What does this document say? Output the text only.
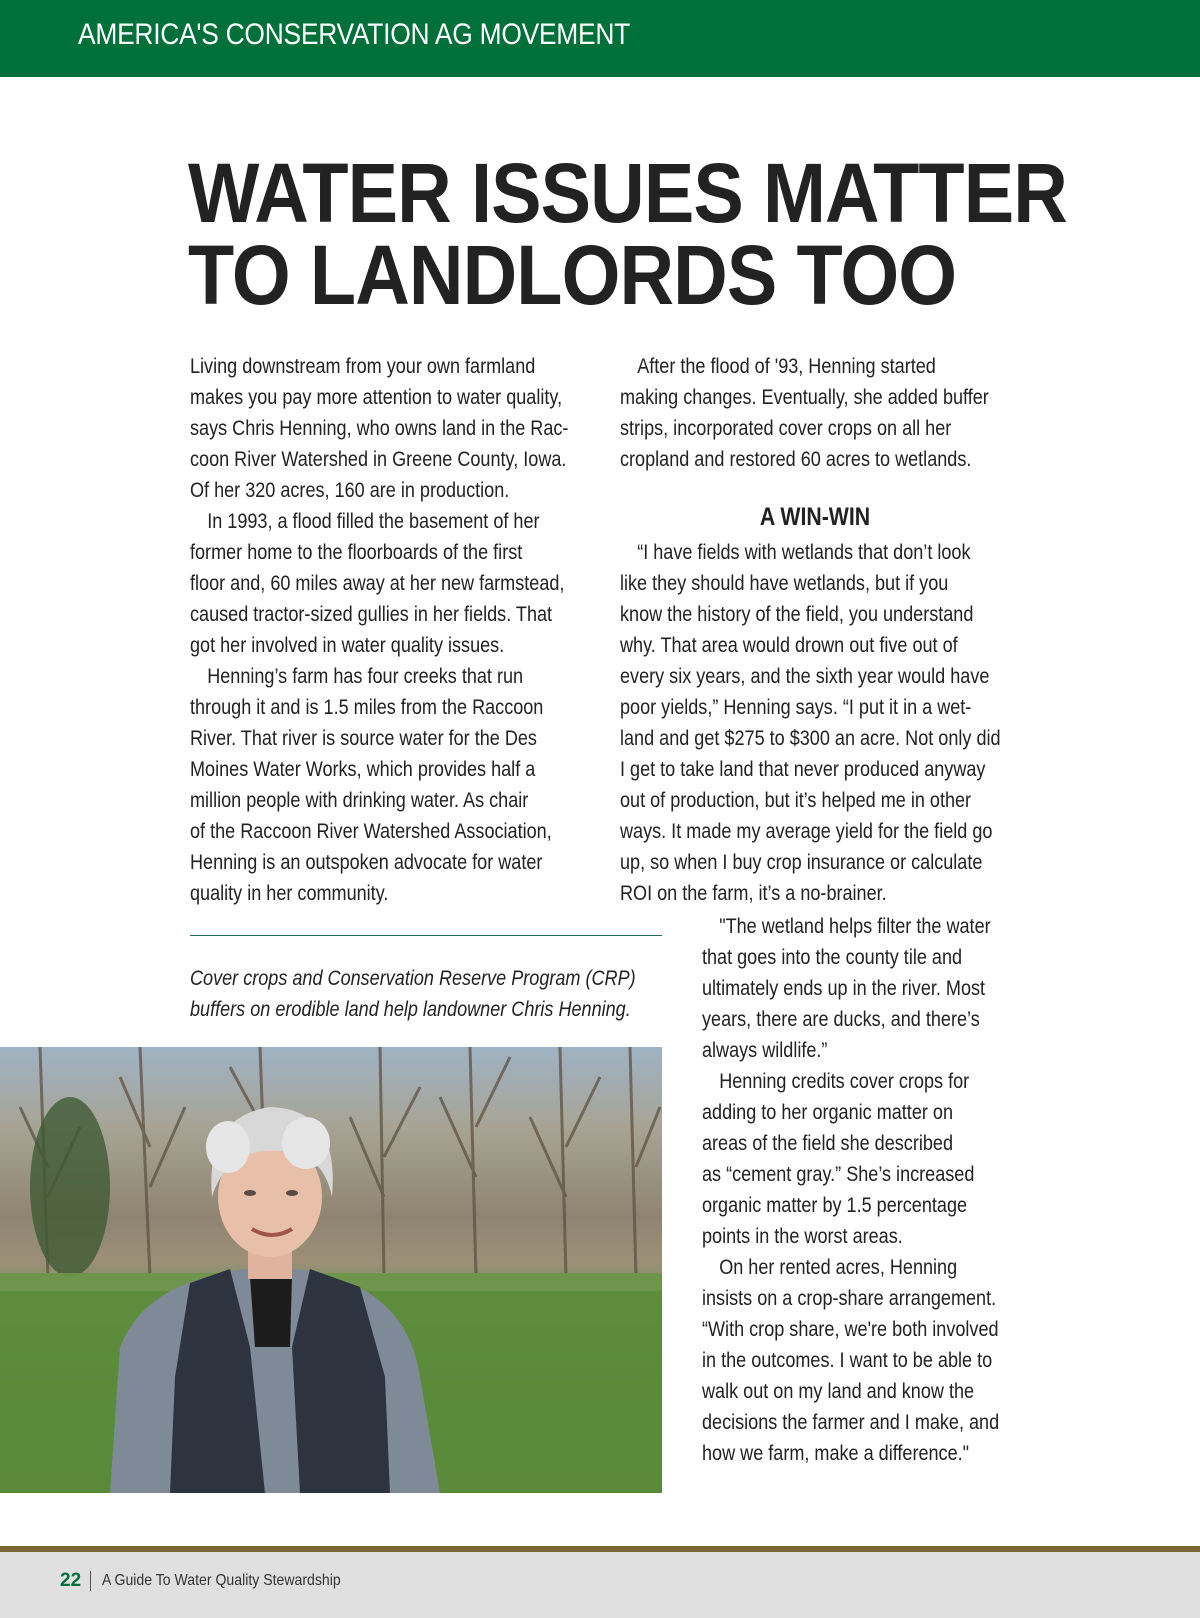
AMERICA'S CONSERVATION AG MOVEMENT
WATER ISSUES MATTER
TO LANDLORDS TOO

Living downstream from your own farmland

makes you pay more attention to water quality,

says Chris Henning, who owns land in the Rac-

coon River Watershed in Greene County, Iowa.

Of her 320 acres, 160 are in production.

In 1993, a flood filled the basement of her

former home to the floorboards of the first

floor and, 60 miles away at her new farmstead,

caused tractor-sized gullies in her fields. That

got her involved in water quality issues.

Henning’s farm has four creeks that run

through it and is 1.5 miles from the Raccoon

River. That river is source water for the Des

Moines Water Works, which provides half a

million people with drinking water. As chair

of the Raccoon River Watershed Association,

Henning is an outspoken advocate for water

quality in her community.

After the flood of '93, Henning started

making changes. Eventually, she added buffer

strips, incorporated cover crops on all her

cropland and restored 60 acres to wetlands.

A WIN-WIN

“I have fields with wetlands that don’t look

like they should have wetlands, but if you

know the history of the field, you understand

why. That area would drown out five out of

every six years, and the sixth year would have

poor yields,” Henning says. “I put it in a wet-

land and get $275 to $300 an acre. Not only did

I get to take land that never produced anyway

out of production, but it’s helped me in other

ways. It made my average yield for the field go

up, so when I buy crop insurance or calculate

ROI on the farm, it’s a no-brainer.

"The wetland helps filter the water

that goes into the county tile and

ultimately ends up in the river. Most

years, there are ducks, and there’s

always wildlife.”

Henning credits cover crops for

adding to her organic matter on

areas of the field she described

as “cement gray.” She’s increased

organic matter by 1.5 percentage

points in the worst areas.

On her rented acres, Henning

insists on a crop-share arrangement.

“With crop share, we're both involved

in the outcomes. I want to be able to

walk out on my land and know the

decisions the farmer and I make, and

how we farm, make a difference."

Cover crops and Conservation Reserve Program (CRP)
buffers on erodible land help landowner Chris Henning.
22 A Guide To Water Quality Stewardship
